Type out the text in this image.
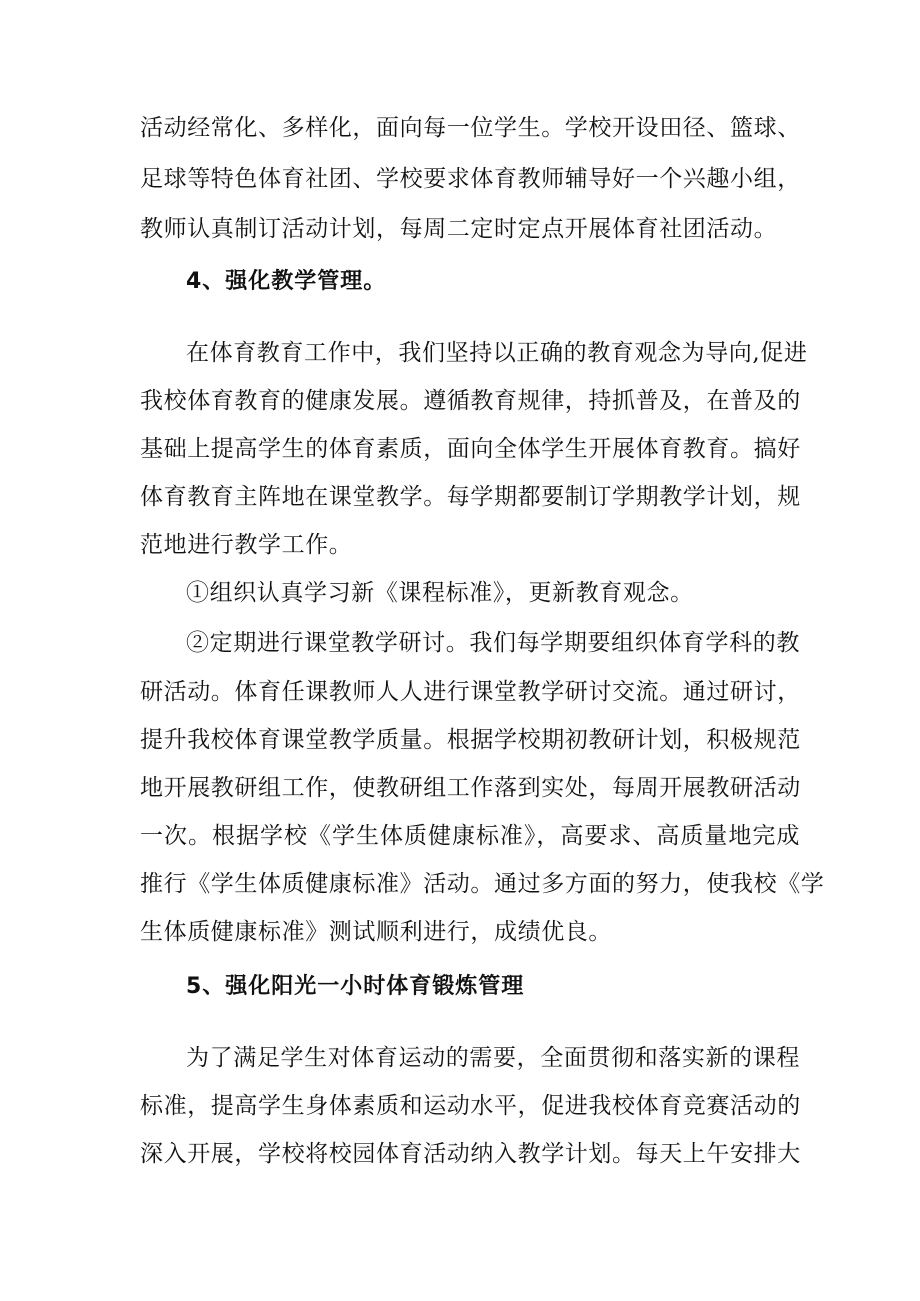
活动经常化、多样化，面向每一位学生。学校开设田径、篮球、
足球等特色体育社团、学校要求体育教师辅导好一个兴趣小组，
教师认真制订活动计划，每周二定时定点开展体育社团活动。
4、强化教学管理。
在体育教育工作中，我们坚持以正确的教育观念为导向,促进
我校体育教育的健康发展。遵循教育规律，持抓普及，在普及的
基础上提高学生的体育素质，面向全体学生开展体育教育。搞好
体育教育主阵地在课堂教学。每学期都要制订学期教学计划，规
范地进行教学工作。
①组织认真学习新《课程标准》，更新教育观念。
②定期进行课堂教学研讨。我们每学期要组织体育学科的教
研活动。体育任课教师人人进行课堂教学研讨交流。通过研讨，
提升我校体育课堂教学质量。根据学校期初教研计划，积极规范
地开展教研组工作，使教研组工作落到实处，每周开展教研活动
一次。根据学校《学生体质健康标准》，高要求、高质量地完成
推行《学生体质健康标准》活动。通过多方面的努力，使我校《学
生体质健康标准》测试顺利进行，成绩优良。
5、强化阳光一小时体育锻炼管理
为了满足学生对体育运动的需要，全面贯彻和落实新的课程
标准，提高学生身体素质和运动水平，促进我校体育竞赛活动的
深入开展，学校将校园体育活动纳入教学计划。每天上午安排大
